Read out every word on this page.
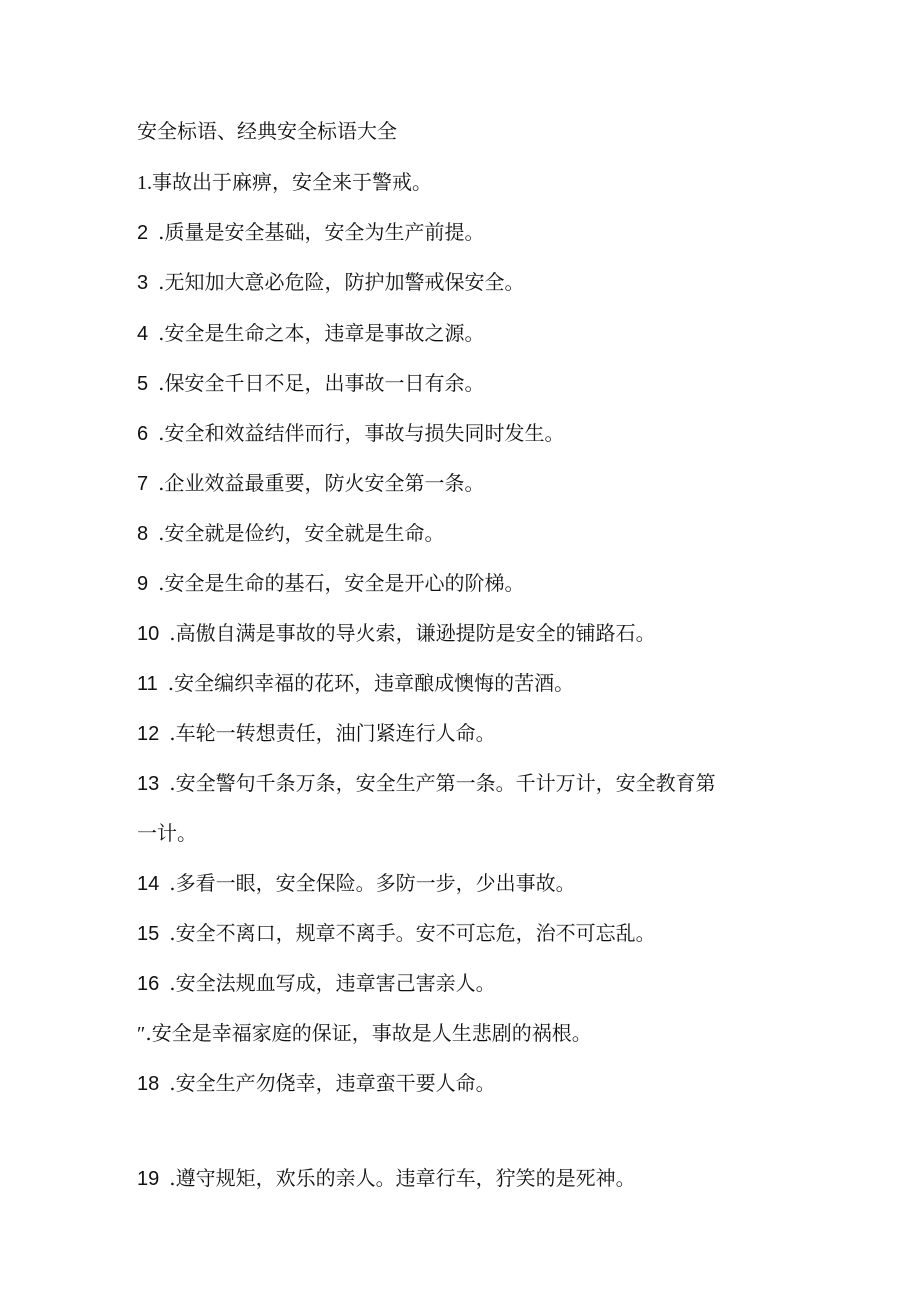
安全标语、经典安全标语大全
1.事故出于麻痹，安全来于警戒。
2 .质量是安全基础，安全为生产前提。
3 .无知加大意必危险，防护加警戒保安全。
4 .安全是生命之本，违章是事故之源。
5 .保安全千日不足，出事故一日有余。
6 .安全和效益结伴而行，事故与损失同时发生。
7 .企业效益最重要，防火安全第一条。
8 .安全就是俭约，安全就是生命。
9 .安全是生命的基石，安全是开心的阶梯。
10 .高傲自满是事故的导火索，谦逊提防是安全的铺路石。
11 .安全编织幸福的花环，违章酿成懊悔的苦酒。
12 .车轮一转想责任，油门紧连行人命。
13 .安全警句千条万条，安全生产第一条。千计万计，安全教育第
一计。
14 .多看一眼，安全保险。多防一步，少出事故。
15 .安全不离口，规章不离手。安不可忘危，治不可忘乱。
16 .安全法规血写成，违章害己害亲人。
″.安全是幸福家庭的保证，事故是人生悲剧的祸根。
18 .安全生产勿侥幸，违章蛮干要人命。
19 .遵守规矩，欢乐的亲人。违章行车，狞笑的是死神。
